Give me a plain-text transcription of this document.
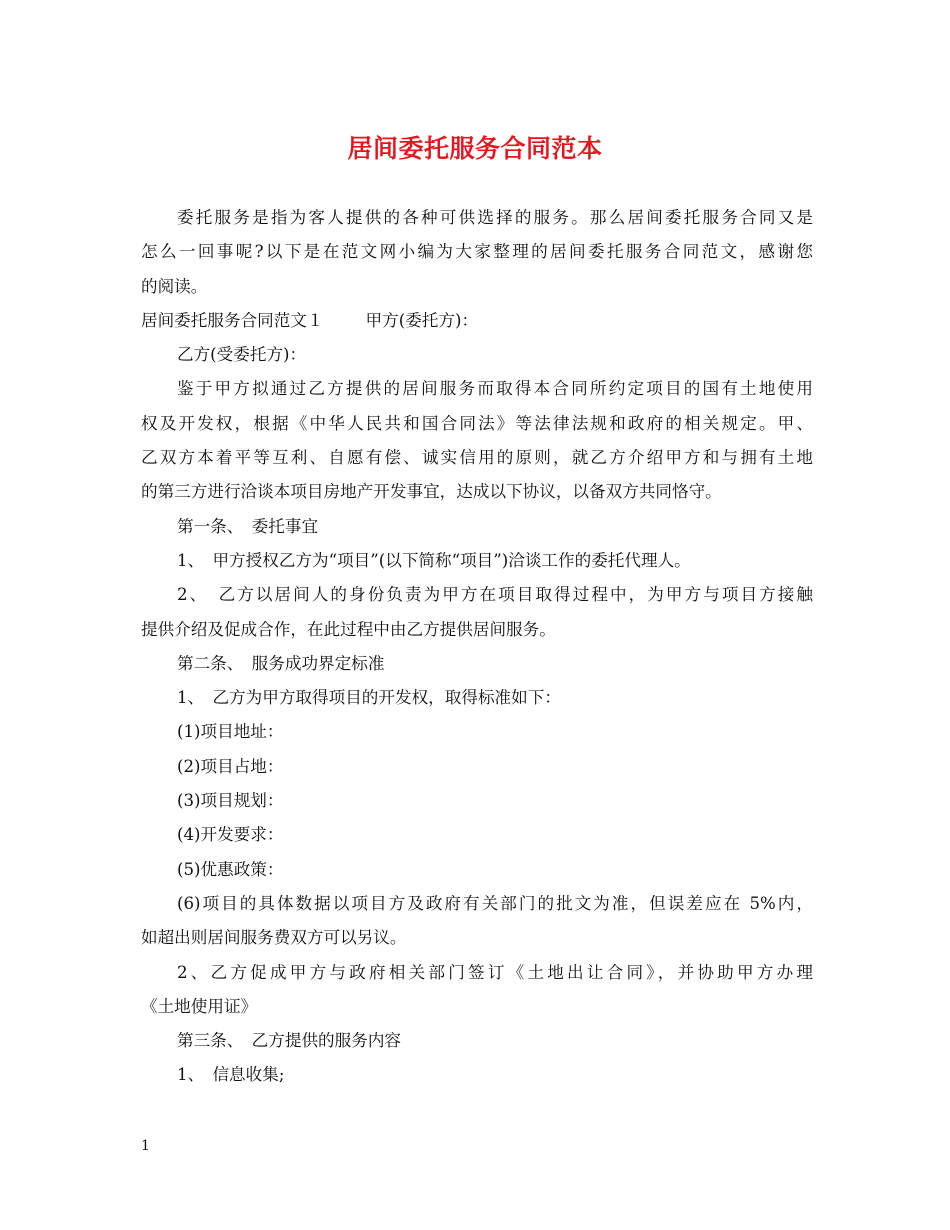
居间委托服务合同范本

委托服务是指为客人提供的各种可供选择的服务。那么居间委托服务合同又是

怎么一回事呢?以下是在范文网小编为大家整理的居间委托服务合同范文，感谢您

的阅读。

居间委托服务合同范文１	甲方(委托方)：

乙方(受委托方)：

鉴于甲方拟通过乙方提供的居间服务而取得本合同所约定项目的国有土地使用

权及开发权，根据《中华人民共和国合同法》等法律法规和政府的相关规定。甲、

乙双方本着平等互利、自愿有偿、诚实信用的原则，就乙方介绍甲方和与拥有土地

的第三方进行洽谈本项目房地产开发事宜，达成以下协议，以备双方共同恪守。

第一条、　委托事宜

1、　甲方授权乙方为“项目”(以下简称“项目”)洽谈工作的委托代理人。

2、　乙方以居间人的身份负责为甲方在项目取得过程中，为甲方与项目方接触

提供介绍及促成合作，在此过程中由乙方提供居间服务。

第二条、　服务成功界定标准

1、　乙方为甲方取得项目的开发权，取得标准如下：

(1)项目地址：

(2)项目占地：

(3)项目规划：

(4)开发要求：

(5)优惠政策：

(6)项目的具体数据以项目方及政府有关部门的批文为准，但误差应在 5%内，

如超出则居间服务费双方可以另议。

2、乙方促成甲方与政府相关部门签订《土地出让合同》，并协助甲方办理

《土地使用证》

第三条、　乙方提供的服务内容

1、　信息收集;

1
